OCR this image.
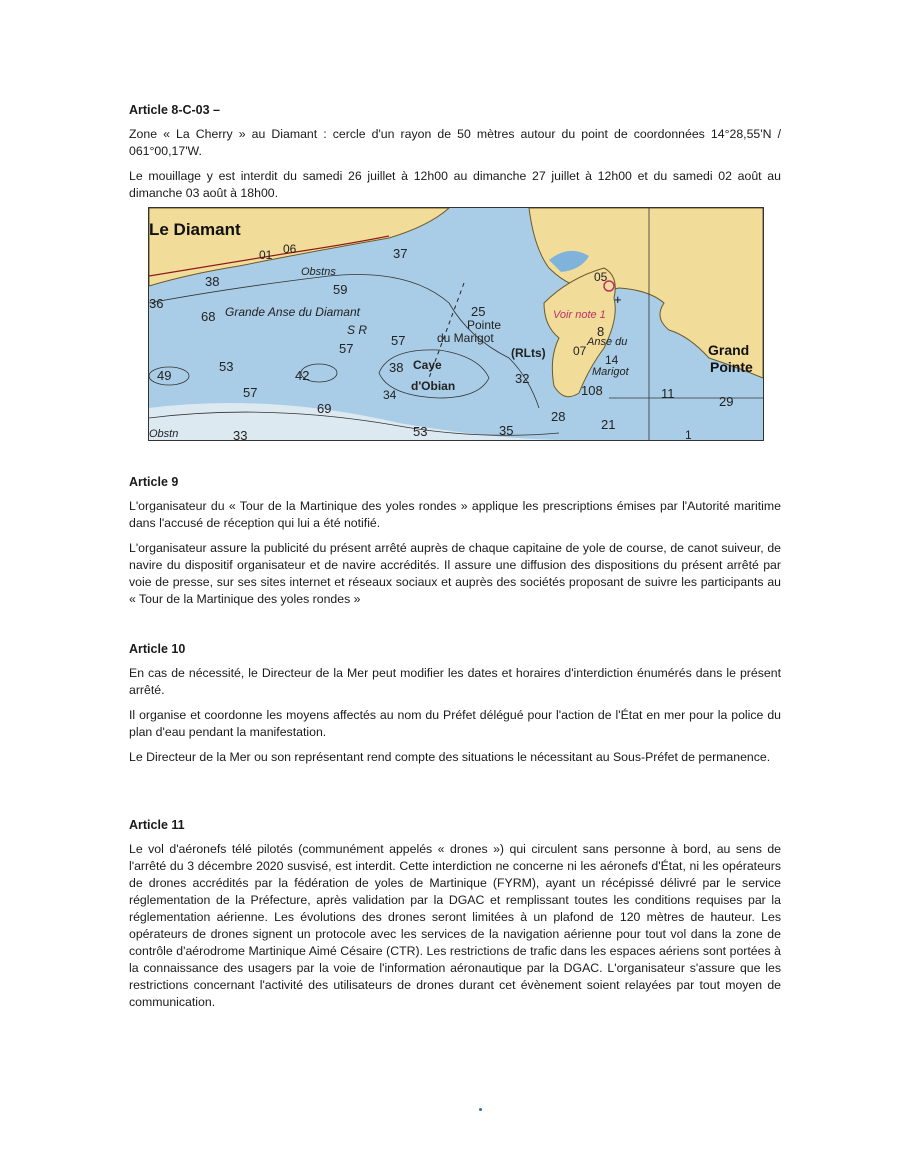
Article 8-C-03 –

Zone « La Cherry » au Diamant : cercle d'un rayon de 50 mètres autour du point de coordonnées 14°28,55'N / 061°00,17'W.

Le mouillage y est interdit du samedi 26 juillet à 12h00 au dimanche 27 juillet à 12h00 et du samedi 02 août au dimanche 03 août à 18h00.

+
Le Diamant
Grand
Pointe
Grande Anse du Diamant
S R
Obstns
Obstn
Pointe
du Marigot
Caye
d'Obian
(RLts)
Voir note 1
Anse du
Marigot
01 06	37
38
59
36
68	25
57
57
53
42
49
38
32
34
57
69
53
33	35
28
21
29
11
05
8
14
07
108
1
Article 9

L'organisateur du « Tour de la Martinique des yoles rondes » applique les prescriptions émises par l'Autorité maritime dans l'accusé de réception qui lui a été notifié.

L'organisateur assure la publicité du présent arrêté auprès de chaque capitaine de yole de course, de canot suiveur, de navire du dispositif organisateur et de navire accrédités. Il assure une diffusion des dispositions du présent arrêté par voie de presse, sur ses sites internet et réseaux sociaux et auprès des sociétés proposant de suivre les participants au « Tour de la Martinique des yoles rondes »

Article 10

En cas de nécessité, le Directeur de la Mer peut modifier les dates et horaires d'interdiction énumérés dans le présent arrêté.

Il organise et coordonne les moyens affectés au nom du Préfet délégué pour l'action de l'État en mer pour la police du plan d'eau pendant la manifestation.

Le Directeur de la Mer ou son représentant rend compte des situations le nécessitant au Sous-Préfet de permanence.

Article 11

Le vol d'aéronefs télé pilotés (communément appelés « drones ») qui circulent sans personne à bord, au sens de l'arrêté du 3 décembre 2020 susvisé, est interdit. Cette interdiction ne concerne ni les aéronefs d'État, ni les opérateurs de drones accrédités par la fédération de yoles de Martinique (FYRM), ayant un récépissé délivré par le service réglementation de la Préfecture, après validation par la DGAC et remplissant toutes les conditions requises par la réglementation aérienne. Les évolutions des drones seront limitées à un plafond de 120 mètres de hauteur. Les opérateurs de drones signent un protocole avec les services de la navigation aérienne pour tout vol dans la zone de contrôle d'aérodrome Martinique Aimé Césaire (CTR). Les restrictions de trafic dans les espaces aériens sont portées à la connaissance des usagers par la voie de l'information aéronautique par la DGAC. L'organisateur s'assure que les restrictions concernant l'activité des utilisateurs de drones durant cet évènement soient relayées par tout moyen de communication.
